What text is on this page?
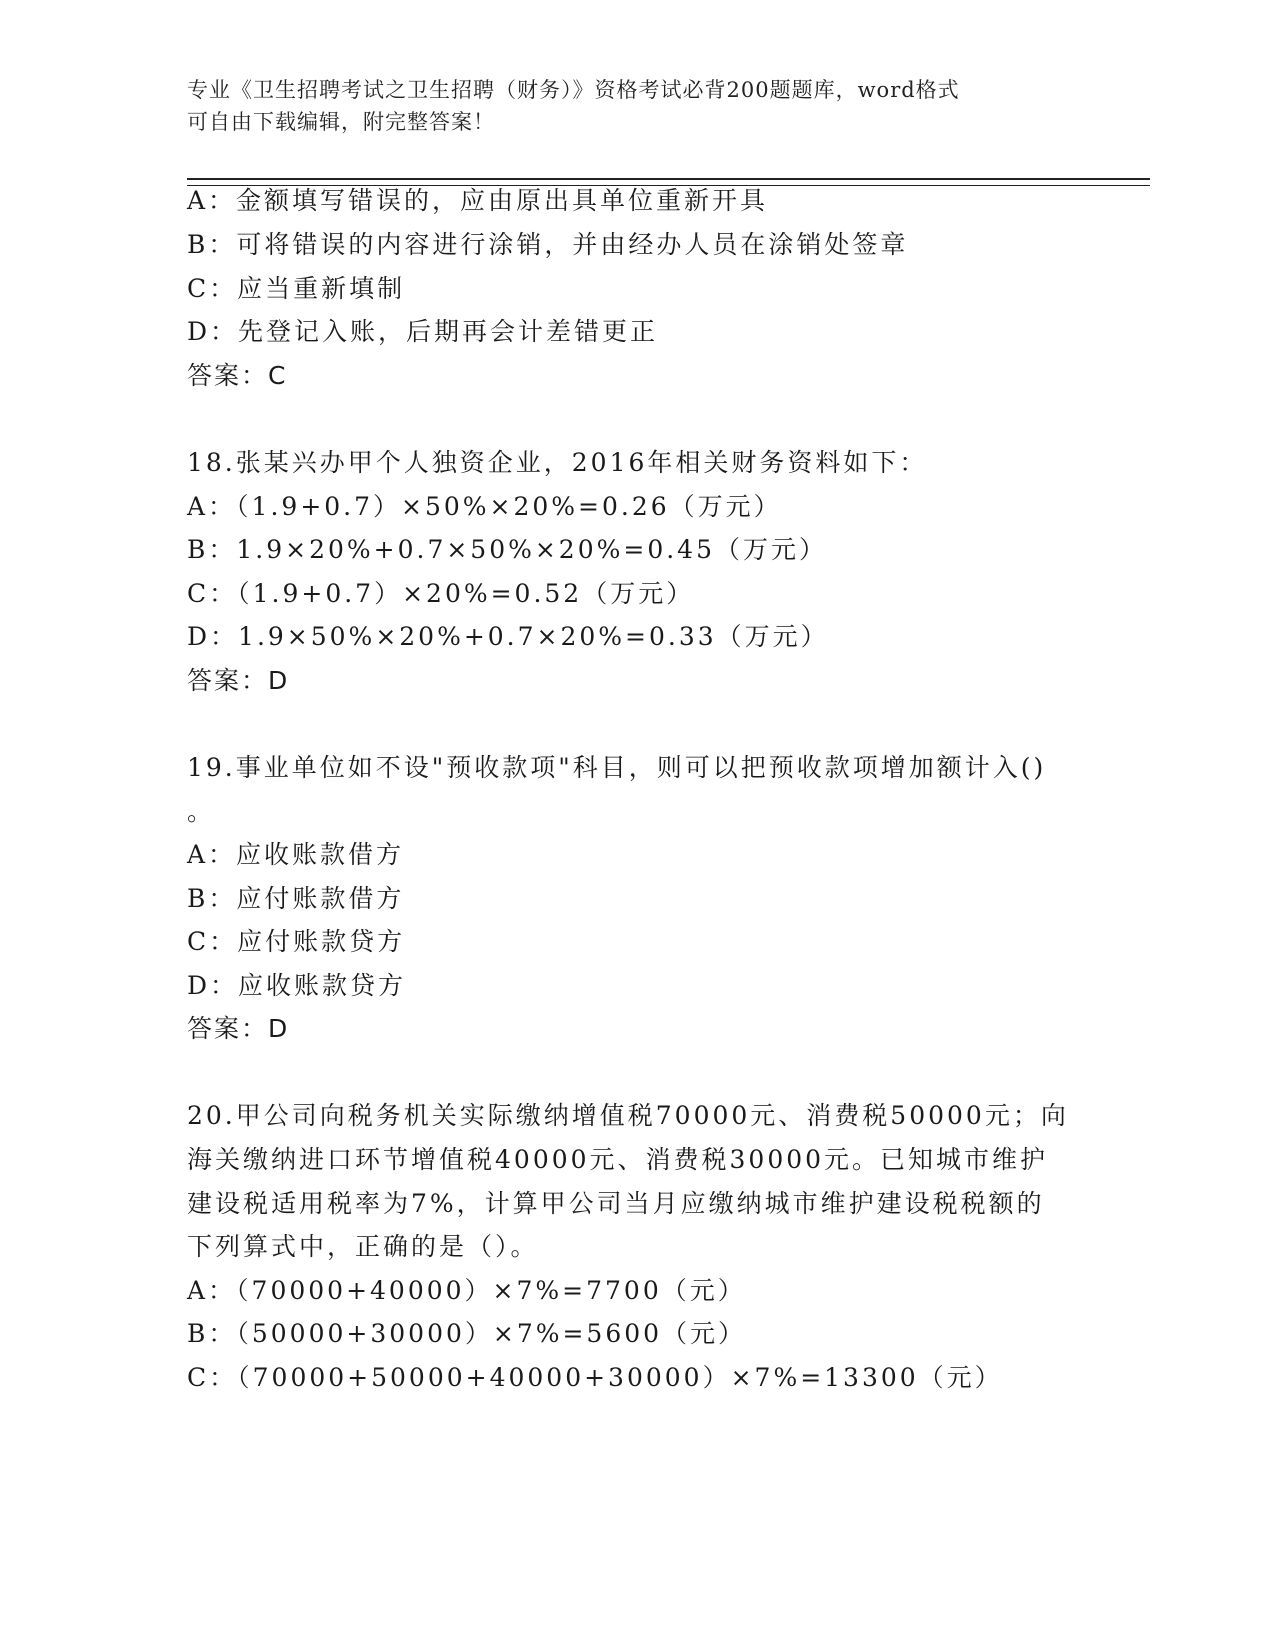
专业《卫生招聘考试之卫生招聘（财务）》资格考试必背200题题库，word格式
可自由下载编辑，附完整答案！
A：金额填写错误的，应由原出具单位重新开具
B：可将错误的内容进行涂销，并由经办人员在涂销处签章
C：应当重新填制
D：先登记入账，后期再会计差错更正
答案：C
18.张某兴办甲个人独资企业，2016年相关财务资料如下：
A：（1.9+0.7）×50%×20%=0.26（万元）
B：1.9×20%+0.7×50%×20%=0.45（万元）
C：（1.9+0.7）×20%=0.52（万元）
D：1.9×50%×20%+0.7×20%=0.33（万元）
答案：D
19.事业单位如不设"预收款项"科目，则可以把预收款项增加额计入()
。
A：应收账款借方
B：应付账款借方
C：应付账款贷方
D：应收账款贷方
答案：D
20.甲公司向税务机关实际缴纳增值税70000元、消费税50000元；向
海关缴纳进口环节增值税40000元、消费税30000元。已知城市维护
建设税适用税率为7%，计算甲公司当月应缴纳城市维护建设税税额的
下列算式中，正确的是（）。
A：（70000+40000）×7%=7700（元）
B：（50000+30000）×7%=5600（元）
C：（70000+50000+40000+30000）×7%=13300（元）
